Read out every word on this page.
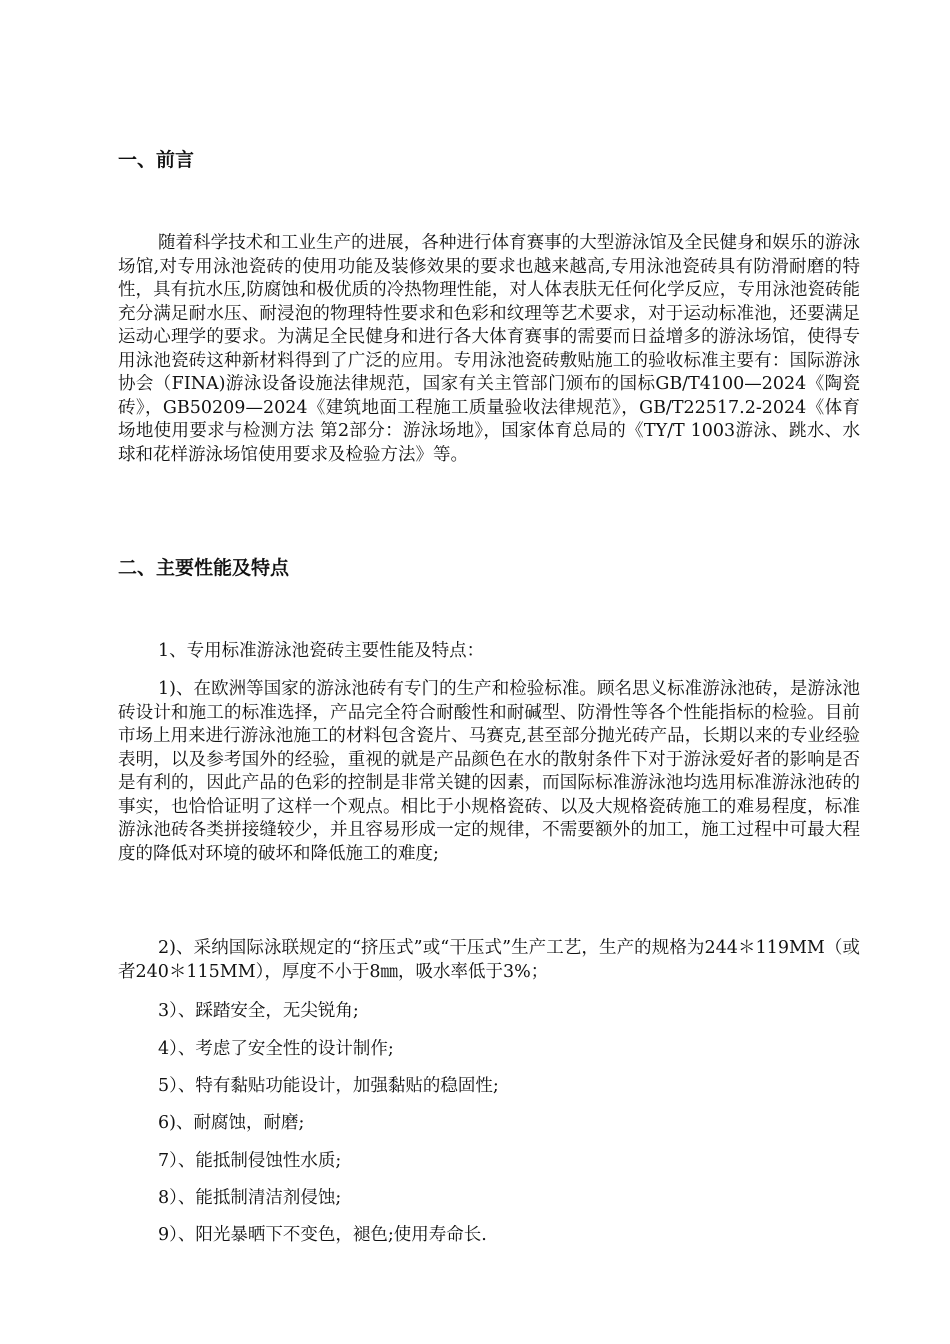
一、前言

随着科学技术和工业生产的进展，各种进行体育赛事的大型游泳馆及全民健身和娱乐的游泳场馆,对专用泳池瓷砖的使用功能及装修效果的要求也越来越高,专用泳池瓷砖具有防滑耐磨的特性，具有抗水压,防腐蚀和极优质的冷热物理性能，对人体表肤无任何化学反应，专用泳池瓷砖能充分满足耐水压、耐浸泡的物理特性要求和色彩和纹理等艺术要求，对于运动标准池，还要满足运动心理学的要求。为满足全民健身和进行各大体育赛事的需要而日益增多的游泳场馆，使得专用泳池瓷砖这种新材料得到了广泛的应用。专用泳池瓷砖敷贴施工的验收标准主要有：国际游泳协会（FINA)游泳设备设施法律规范，国家有关主管部门颁布的国标GB/T4100—2024《陶瓷砖》，GB50209—2024《建筑地面工程施工质量验收法律规范》，GB/T22517.2-2024《体育场地使用要求与检测方法 第2部分：游泳场地》，国家体育总局的《TY/T 1003游泳、跳水、水球和花样游泳场馆使用要求及检验方法》等。

二、主要性能及特点

1、专用标准游泳池瓷砖主要性能及特点：

1)、在欧洲等国家的游泳池砖有专门的生产和检验标准。顾名思义标准游泳池砖，是游泳池砖设计和施工的标准选择，产品完全符合耐酸性和耐碱型、防滑性等各个性能指标的检验。目前市场上用来进行游泳池施工的材料包含瓷片、马赛克,甚至部分抛光砖产品，长期以来的专业经验表明，以及参考国外的经验，重视的就是产品颜色在水的散射条件下对于游泳爱好者的影响是否是有利的，因此产品的色彩的控制是非常关键的因素，而国际标准游泳池均选用标准游泳池砖的事实，也恰恰证明了这样一个观点。相比于小规格瓷砖、以及大规格瓷砖施工的难易程度，标准游泳池砖各类拼接缝较少，并且容易形成一定的规律，不需要额外的加工，施工过程中可最大程度的降低对环境的破坏和降低施工的难度;

2)、采纳国际泳联规定的“挤压式”或“干压式”生产工艺，生产的规格为244＊119MM（或者240＊115MM），厚度不小于8㎜，吸水率低于3%；

3）、踩踏安全，无尖锐角;

4）、考虑了安全性的设计制作;

5）、特有黏贴功能设计，加强黏贴的稳固性;

6)、耐腐蚀，耐磨;

7）、能抵制侵蚀性水质;

8）、能抵制清洁剂侵蚀;

9）、阳光暴晒下不变色，褪色;使用寿命长.
